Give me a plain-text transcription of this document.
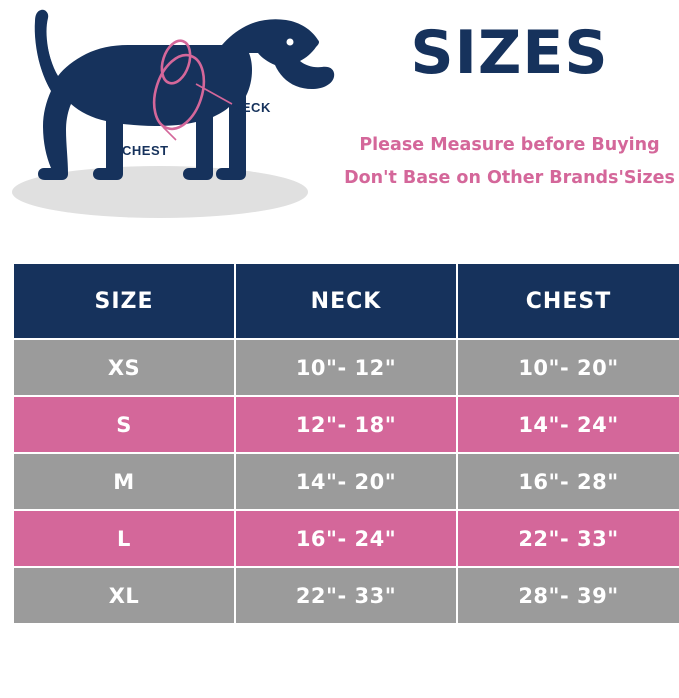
NECK
CHEST
SIZES
Please Measure before Buying
Don't Base on Other Brands'Sizes
SIZE	NECK	CHEST
XS	10"- 12"	10"- 20"
S	12"- 18"	14"- 24"
M	14"- 20"	16"- 28"
L	16"- 24"	22"- 33"
XL	22"- 33"	28"- 39"
